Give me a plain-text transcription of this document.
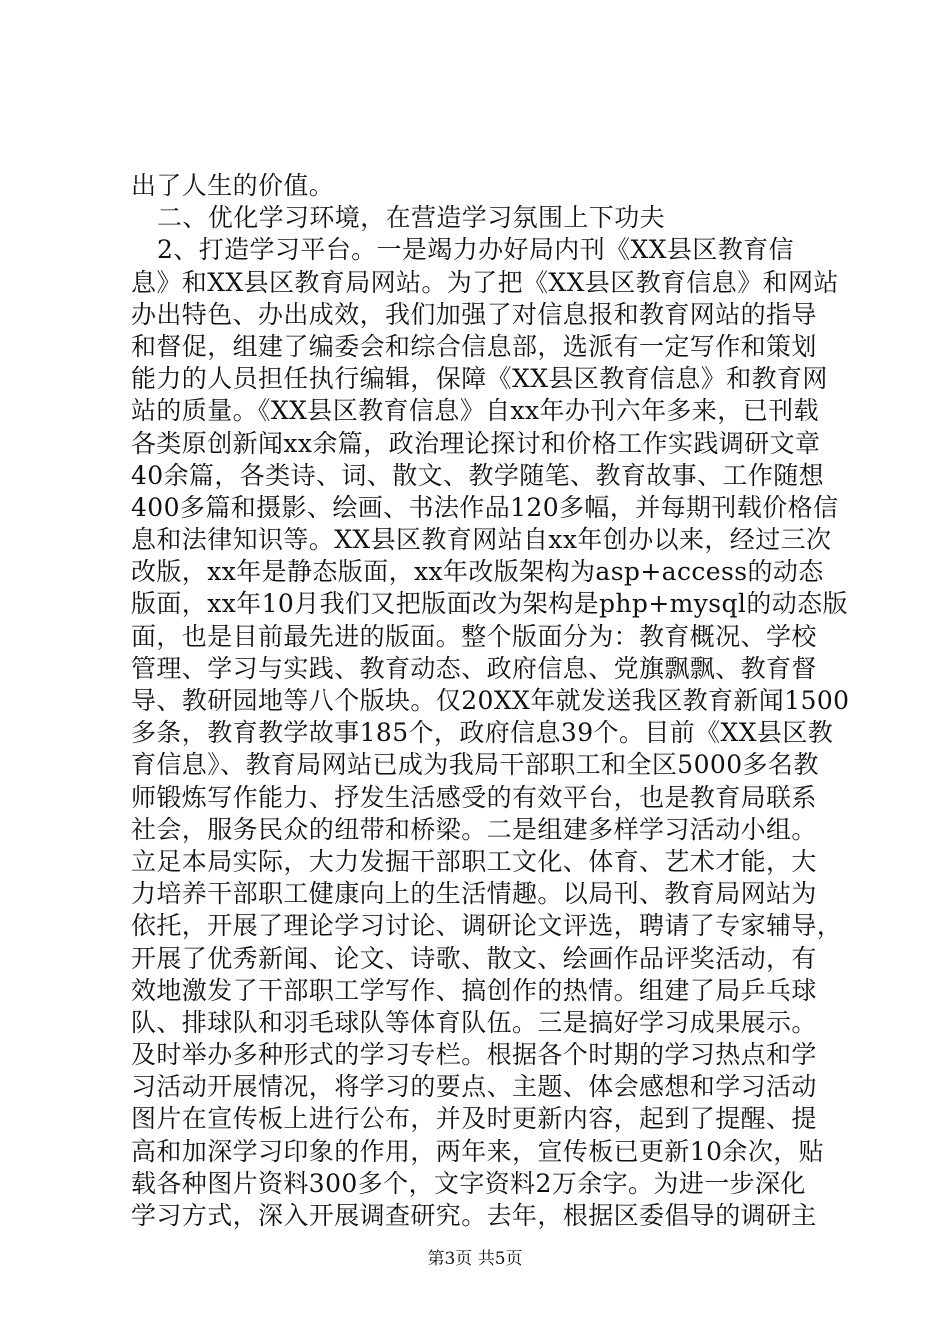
出了人生的价值。
二、优化学习环境，在营造学习氛围上下功夫
2、打造学习平台。一是竭力办好局内刊《XX县区教育信
息》和XX县区教育局网站。为了把《XX县区教育信息》和网站
办出特色、办出成效，我们加强了对信息报和教育网站的指导
和督促，组建了编委会和综合信息部，选派有一定写作和策划
能力的人员担任执行编辑，保障《XX县区教育信息》和教育网
站的质量。《XX县区教育信息》自xx年办刊六年多来，已刊载
各类原创新闻xx余篇，政治理论探讨和价格工作实践调研文章
40余篇，各类诗、词、散文、教学随笔、教育故事、工作随想
400多篇和摄影、绘画、书法作品120多幅，并每期刊载价格信
息和法律知识等。XX县区教育网站自xx年创办以来，经过三次
改版，xx年是静态版面，xx年改版架构为asp+access的动态
版面，xx年10月我们又把版面改为架构是php+mysql的动态版
面，也是目前最先进的版面。整个版面分为：教育概况、学校
管理、学习与实践、教育动态、政府信息、党旗飘飘、教育督
导、教研园地等八个版块。仅20XX年就发送我区教育新闻1500
多条，教育教学故事185个，政府信息39个。目前《XX县区教
育信息》、教育局网站已成为我局干部职工和全区5000多名教
师锻炼写作能力、抒发生活感受的有效平台，也是教育局联系
社会，服务民众的纽带和桥梁。二是组建多样学习活动小组。
立足本局实际，大力发掘干部职工文化、体育、艺术才能，大
力培养干部职工健康向上的生活情趣。以局刊、教育局网站为
依托，开展了理论学习讨论、调研论文评选，聘请了专家辅导，
开展了优秀新闻、论文、诗歌、散文、绘画作品评奖活动，有
效地激发了干部职工学写作、搞创作的热情。组建了局乒乓球
队、排球队和羽毛球队等体育队伍。三是搞好学习成果展示。
及时举办多种形式的学习专栏。根据各个时期的学习热点和学
习活动开展情况，将学习的要点、主题、体会感想和学习活动
图片在宣传板上进行公布，并及时更新内容，起到了提醒、提
高和加深学习印象的作用，两年来，宣传板已更新10余次，贴
载各种图片资料300多个，文字资料2万余字。为进一步深化
学习方式，深入开展调查研究。去年，根据区委倡导的调研主
第3页 共5页
